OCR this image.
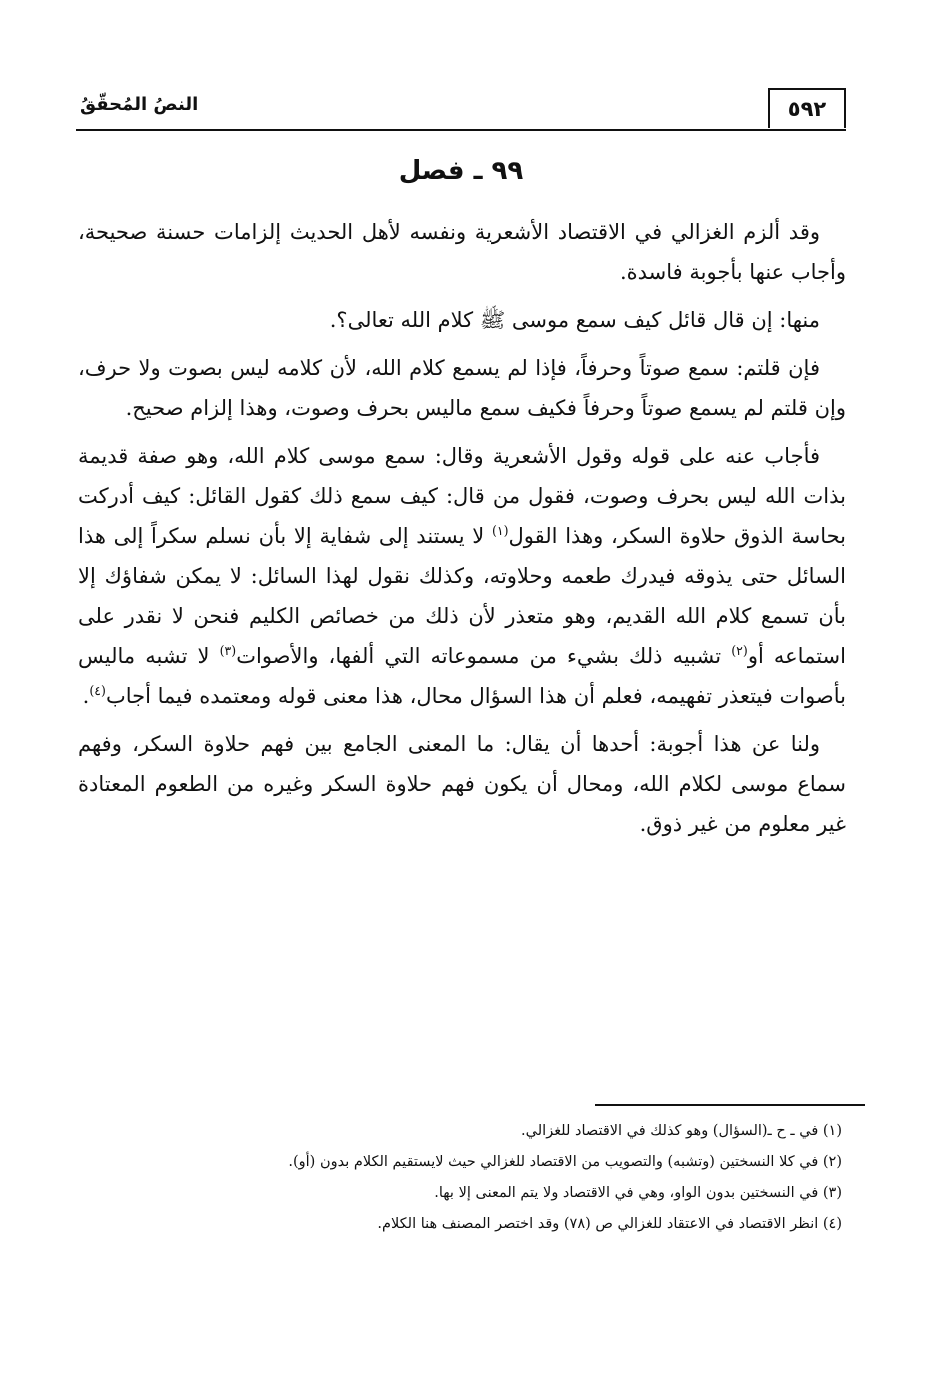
٥٩٢
النصُ المُحقّقُ
٩٩ ـ فصل

وقد ألزم الغزالي في الاقتصاد الأشعرية ونفسه لأهل الحديث إلزامات حسنة صحيحة، وأجاب عنها بأجوبة فاسدة.

منها: إن قال قائل كيف سمع موسى ﷺ كلام الله تعالى؟.

فإن قلتم: سمع صوتاً وحرفاً، فإذا لم يسمع كلام الله، لأن كلامه ليس بصوت ولا حرف، وإن قلتم لم يسمع صوتاً وحرفاً فكيف سمع ماليس بحرف وصوت، وهذا إلزام صحيح.

فأجاب عنه على قوله وقول الأشعرية وقال: سمع موسى كلام الله، وهو صفة قديمة بذات الله ليس بحرف وصوت، فقول من قال: كيف سمع ذلك كقول القائل: كيف أدركت بحاسة الذوق حلاوة السكر، وهذا القول$^{(١)}$ لا يستند إلى شفاية إلا بأن نسلم سكراً إلى هذا السائل حتى يذوقه فيدرك طعمه وحلاوته، وكذلك نقول لهذا السائل: لا يمكن شفاؤك إلا بأن تسمع كلام الله القديم، وهو متعذر لأن ذلك من خصائص الكليم فنحن لا نقدر على استماعه أو$^{(٢)}$ تشبيه ذلك بشيء من مسموعاته التي ألفها، والأصوات$^{(٣)}$ لا تشبه ماليس بأصوات فيتعذر تفهيمه، فعلم أن هذا السؤال محال، هذا معنى قوله ومعتمده فيما أجاب$^{(٤)}$.

ولنا عن هذا أجوبة: أحدها أن يقال: ما المعنى الجامع بين فهم حلاوة السكر، وفهم سماع موسى لكلام الله، ومحال أن يكون فهم حلاوة السكر وغيره من الطعوم المعتادة غير معلوم من غير ذوق.

(١) في ـ ح ـ(السؤال) وهو كذلك في الاقتصاد للغزالي.
(٢) في كلا النسختين (وتشبه) والتصويب من الاقتصاد للغزالي حيث لايستقيم الكلام بدون (أو).
(٣) في النسختين بدون الواو، وهي في الاقتصاد ولا يتم المعنى إلا بها.
(٤) انظر الاقتصاد في الاعتقاد للغزالي ص (٧٨) وقد اختصر المصنف هنا الكلام.
